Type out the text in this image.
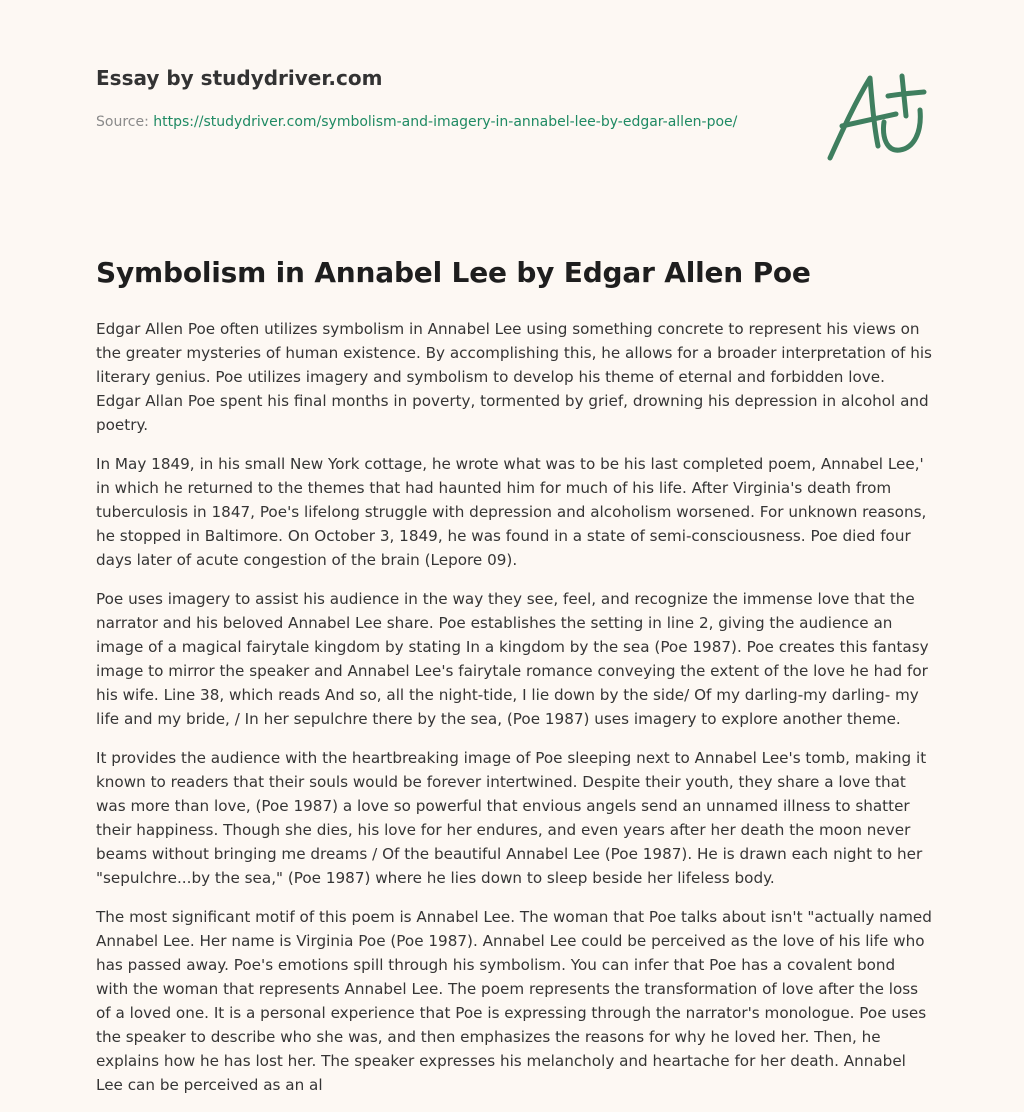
Essay by studydriver.com
Source: https://studydriver.com/symbolism-and-imagery-in-annabel-lee-by-edgar-allen-poe/
Symbolism in Annabel Lee by Edgar Allen Poe

Edgar Allen Poe often utilizes symbolism in Annabel Lee using something concrete to represent his views on the greater mysteries of human existence. By accomplishing this, he allows for a broader interpretation of his literary genius. Poe utilizes imagery and symbolism to develop his theme of eternal and forbidden love. Edgar Allan Poe spent his final months in poverty, tormented by grief, drowning his depression in alcohol and poetry.

In May 1849, in his small New York cottage, he wrote what was to be his last completed poem, Annabel Lee,' in which he returned to the themes that had haunted him for much of his life. After Virginia's death from tuberculosis in 1847, Poe's lifelong struggle with depression and alcoholism worsened. For unknown reasons, he stopped in Baltimore. On October 3, 1849, he was found in a state of semi-consciousness. Poe died four days later of acute congestion of the brain (Lepore 09).

Poe uses imagery to assist his audience in the way they see, feel, and recognize the immense love that the narrator and his beloved Annabel Lee share. Poe establishes the setting in line 2, giving the audience an image of a magical fairytale kingdom by stating In a kingdom by the sea (Poe 1987). Poe creates this fantasy image to mirror the speaker and Annabel Lee's fairytale romance conveying the extent of the love he had for his wife. Line 38, which reads And so, all the night-tide, I lie down by the side/ Of my darling-my darling- my life and my bride, / In her sepulchre there by the sea, (Poe 1987) uses imagery to explore another theme.

It provides the audience with the heartbreaking image of Poe sleeping next to Annabel Lee's tomb, making it known to readers that their souls would be forever intertwined. Despite their youth, they share a love that was more than love, (Poe 1987) a love so powerful that envious angels send an unnamed illness to shatter their happiness. Though she dies, his love for her endures, and even years after her death the moon never beams without bringing me dreams / Of the beautiful Annabel Lee (Poe 1987). He is drawn each night to her "sepulchre...by the sea," (Poe 1987) where he lies down to sleep beside her lifeless body.

The most significant motif of this poem is Annabel Lee. The woman that Poe talks about isn't "actually named Annabel Lee. Her name is Virginia Poe (Poe 1987). Annabel Lee could be perceived as the love of his life who has passed away. Poe's emotions spill through his symbolism. You can infer that Poe has a covalent bond with the woman that represents Annabel Lee. The poem represents the transformation of love after the loss of a loved one. It is a personal experience that Poe is expressing through the narrator's monologue. Poe uses the speaker to describe who she was, and then emphasizes the reasons for why he loved her. Then, he explains how he has lost her. The speaker expresses his melancholy and heartache for her death. Annabel Lee can be perceived as an al
